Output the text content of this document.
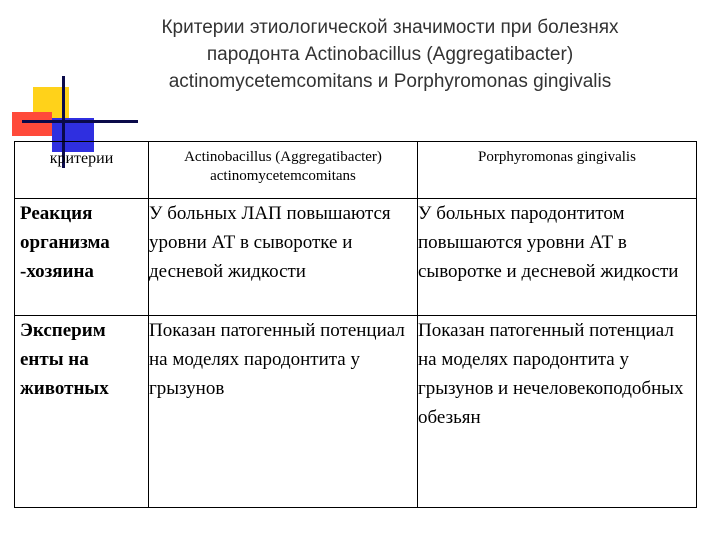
Критерии этиологической значимости при болезнях
пародонта Actinobacillus (Aggregatibacter)
actinomycetemcomitans и Porphyromonas gingivalis
критерии	Actinobacillus (Aggregatibacter) actinomycetemcomitans	Porphyromonas gingivalis
Реакция организма -хозяина	У больных ЛАП повышаются уровни АТ в сыворотке и десневой жидкости	У больных пародонтитом повышаются уровни АТ в сыворотке и десневой жидкости
Эксперим енты на животных	Показан патогенный потенциал на моделях пародонтита у грызунов	Показан патогенный потенциал на моделях пародонтита у грызунов и нечеловекоподобных обезьян
